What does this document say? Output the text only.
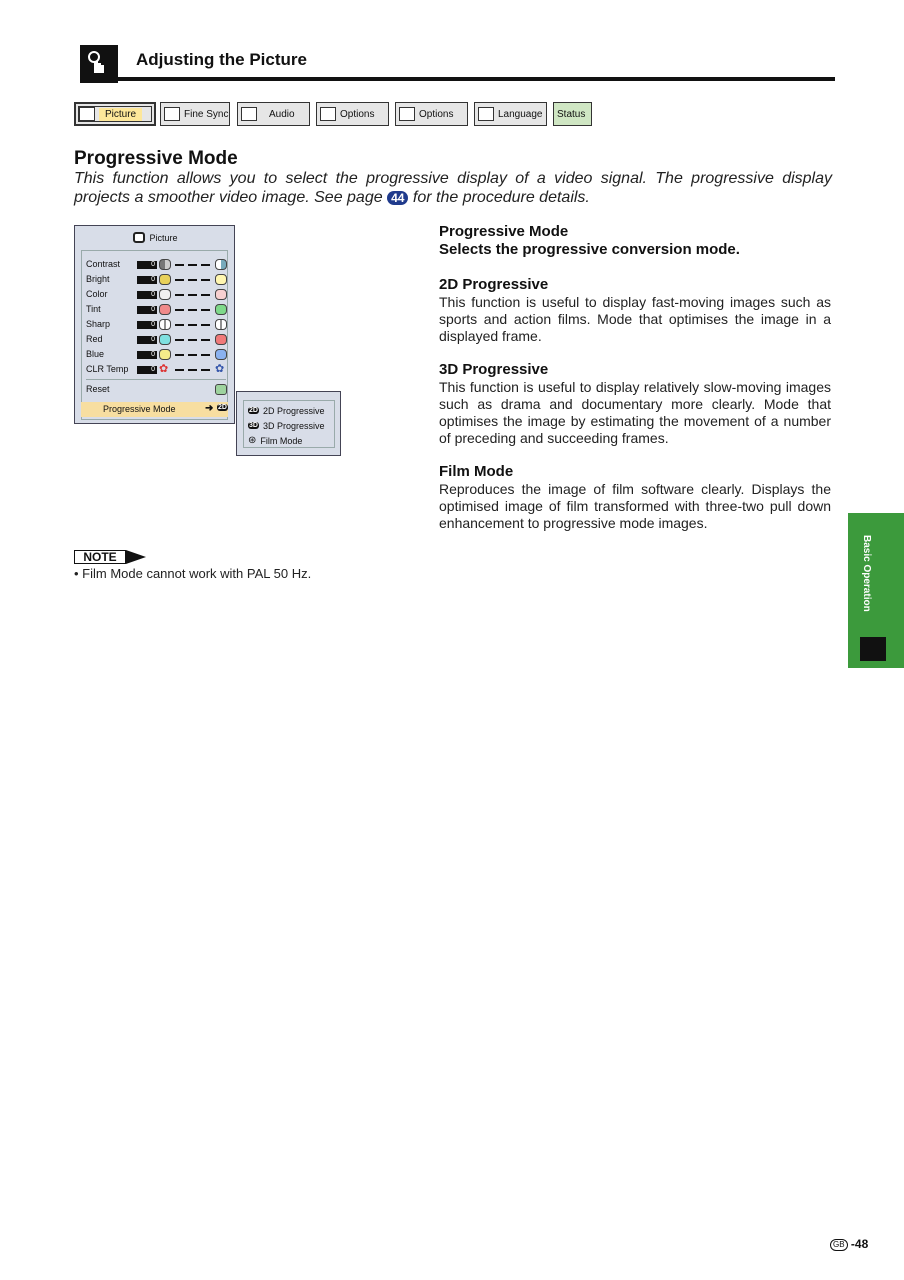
Adjusting the Picture
Picture	Fine Sync	Audio	Options	Options	Language Status
Progressive Mode
This function allows you to select the progressive display of a video signal. The progressive display projects a smoother video image. See page 44 for the procedure details.
Picture
Contrast	0
Bright	0
Color	0
Tint	0
Sharp	0
Red	0
Blue	0
CLR Temp	0 ✿	✿
Reset
Progressive Mode	➜ 2D	2D 2D Progressive
3D 3D Progressive
⊛ Film Mode
Progressive Mode
Selects the progressive conversion mode.
2D Progressive

This function is useful to display fast-moving images such as sports and action films. Mode that optimises the image in a displayed frame.

3D Progressive

This function is useful to display relatively slow-moving images such as drama and documentary more clearly. Mode that optimises the image by estimating the movement of a number of preceding and succeeding frames.

Film Mode

Reproduces the image of film software clearly. Displays the optimised image of film transformed with three-two pull down enhancement to progressive mode images.

NOTE
• Film Mode cannot work with PAL 50 Hz.	Basic Operation
GB -48
